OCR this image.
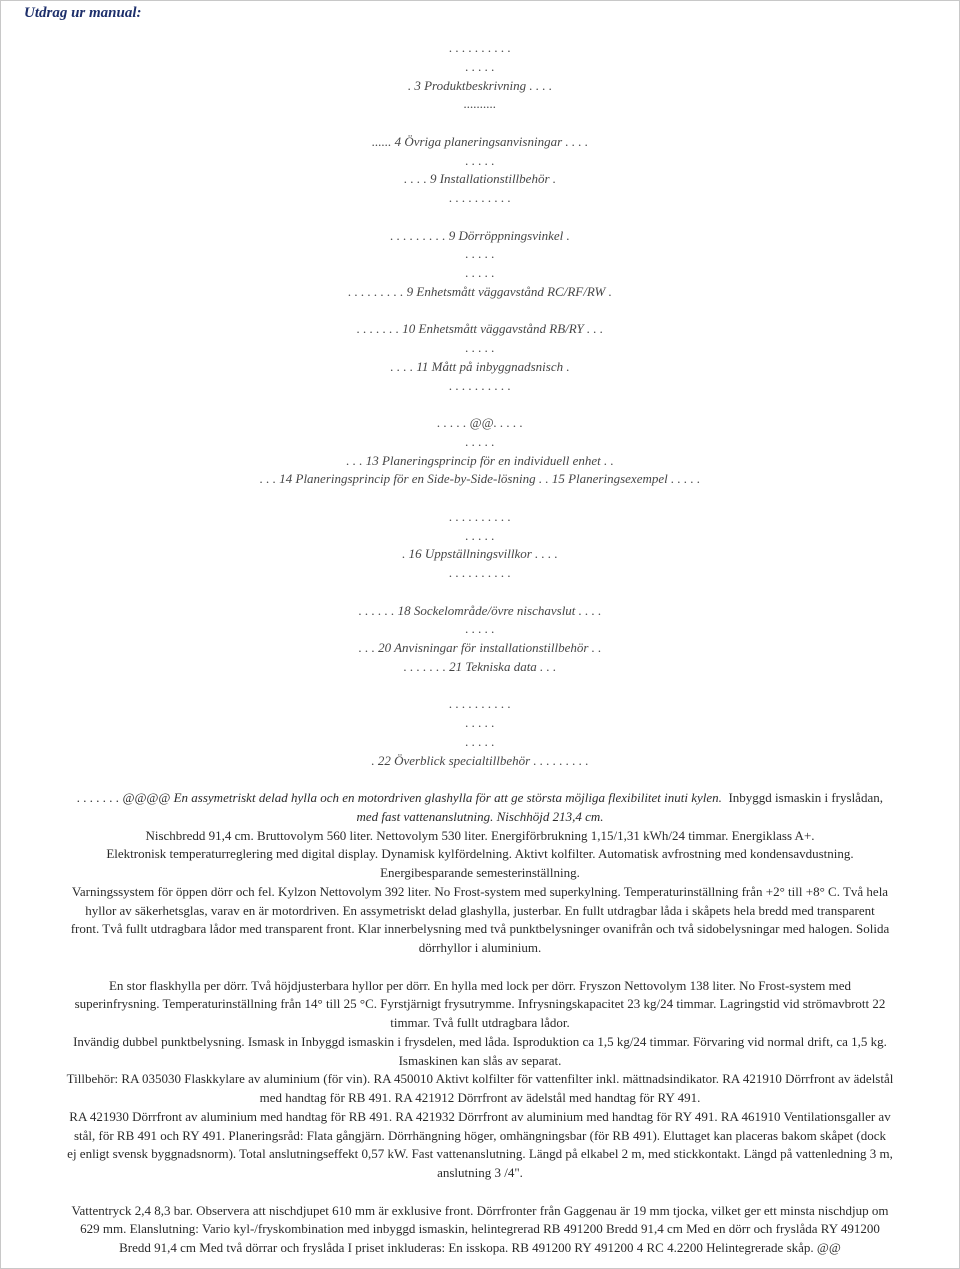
Utdrag ur manual:
. . . . . . . . . .
. . . . .
. 3 Produktbeskrivning . . . .
..........
...... 4 Övriga planeringsanvisningar . . . .
. . . . .
. . . . 9 Installationstillbehör .
. . . . . . . . . .
. . . . . . . . . 9 Dörröppningsvinkel .
. . . . .
. . . . .
. . . . . . . . . 9 Enhetsmått väggavstånd RC/RF/RW .
. . . . . . . 10 Enhetsmått väggavstånd RB/RY . . .
. . . . .
. . . . 11 Mått på inbyggnadsnisch .
. . . . . . . . . .
. . . . . @@. . . . .
. . . . .
. . . 13 Planeringsprincip för en individuell enhet . .
. . . 14 Planeringsprincip för en Side-by-Side-lösning . . 15 Planeringsexempel . . . . .
. . . . . . . . . .
. . . . .
. 16 Uppställningsvillkor . . . .
. . . . . . . . . .
. . . . . . 18 Sockelområde/övre nischavslut . . . .
. . . . .
. . . 20 Anvisningar för installationstillbehör . .
. . . . . . . 21 Tekniska data . . .
. . . . . . . . . .
. . . . .
. . . . .
. 22 Överblick specialtillbehör . . . . . . . . .
. . . . . . . @@@@ En assymetriskt delad hylla och en motordriven glashylla för att ge största möjliga flexibilitet inuti kylen. Inbyggd ismaskin i fryslådan,
med fast vattenanslutning. Nischhöjd 213,4 cm.
Nischbredd 91,4 cm. Bruttovolym 560 liter. Nettovolym 530 liter. Energiförbrukning 1,15/1,31 kWh/24 timmar. Energiklass A+.
Elektronisk temperaturreglering med digital display. Dynamisk kylfördelning. Aktivt kolfilter. Automatisk avfrostning med kondensavdustning.
Energibesparande semesterinställning.
Varningssystem för öppen dörr och fel. Kylzon Nettovolym 392 liter. No Frost-system med superkylning. Temperaturinställning från +2° till +8° C. Två hela
hyllor av säkerhetsglas, varav en är motordriven. En assymetriskt delad glashylla, justerbar. En fullt utdragbar låda i skåpets hela bredd med transparent
front. Två fullt utdragbara lådor med transparent front. Klar innerbelysning med två punktbelysninger ovanifrån och två sidobelysningar med halogen. Solida
dörrhyllor i aluminium.
En stor flaskhylla per dörr. Två höjdjusterbara hyllor per dörr. En hylla med lock per dörr. Fryszon Nettovolym 138 liter. No Frost-system med
superinfrysning. Temperaturinställning från 14° till 25 °C. Fyrstjärnigt frysutrymme. Infrysningskapacitet 23 kg/24 timmar. Lagringstid vid strömavbrott 22
timmar. Två fullt utdragbara lådor.
Invändig dubbel punktbelysning. Ismask in Inbyggd ismaskin i frysdelen, med låda. Isproduktion ca 1,5 kg/24 timmar. Förvaring vid normal drift, ca 1,5 kg.
Ismaskinen kan slås av separat.
Tillbehör: RA 035030 Flaskkylare av aluminium (för vin). RA 450010 Aktivt kolfilter för vattenfilter inkl. mättnadsindikator. RA 421910 Dörrfront av ädelstål
med handtag för RB 491. RA 421912 Dörrfront av ädelstål med handtag för RY 491.
RA 421930 Dörrfront av aluminium med handtag för RB 491. RA 421932 Dörrfront av aluminium med handtag för RY 491. RA 461910 Ventilationsgaller av
stål, för RB 491 och RY 491. Planeringsråd: Flata gångjärn. Dörrhängning höger, omhängningsbar (för RB 491). Eluttaget kan placeras bakom skåpet (dock
ej enligt svensk byggnadsnorm). Total anslutningseffekt 0,57 kW. Fast vattenanslutning. Längd på elkabel 2 m, med stickkontakt. Längd på vattenledning 3 m,
anslutning 3 /4".
Vattentryck 2,4 8,3 bar. Observera att nischdjupet 610 mm är exklusive front. Dörrfronter från Gaggenau är 19 mm tjocka, vilket ger ett minsta nischdjup om
629 mm. Elanslutning: Vario kyl-/fryskombination med inbyggd ismaskin, helintegrerad RB 491200 Bredd 91,4 cm Med en dörr och fryslåda RY 491200
Bredd 91,4 cm Med två dörrar och fryslåda I priset inkluderas: En isskopa. RB 491200 RY 491200 4 RC 4.2200 Helintegrerade skåp. @@
